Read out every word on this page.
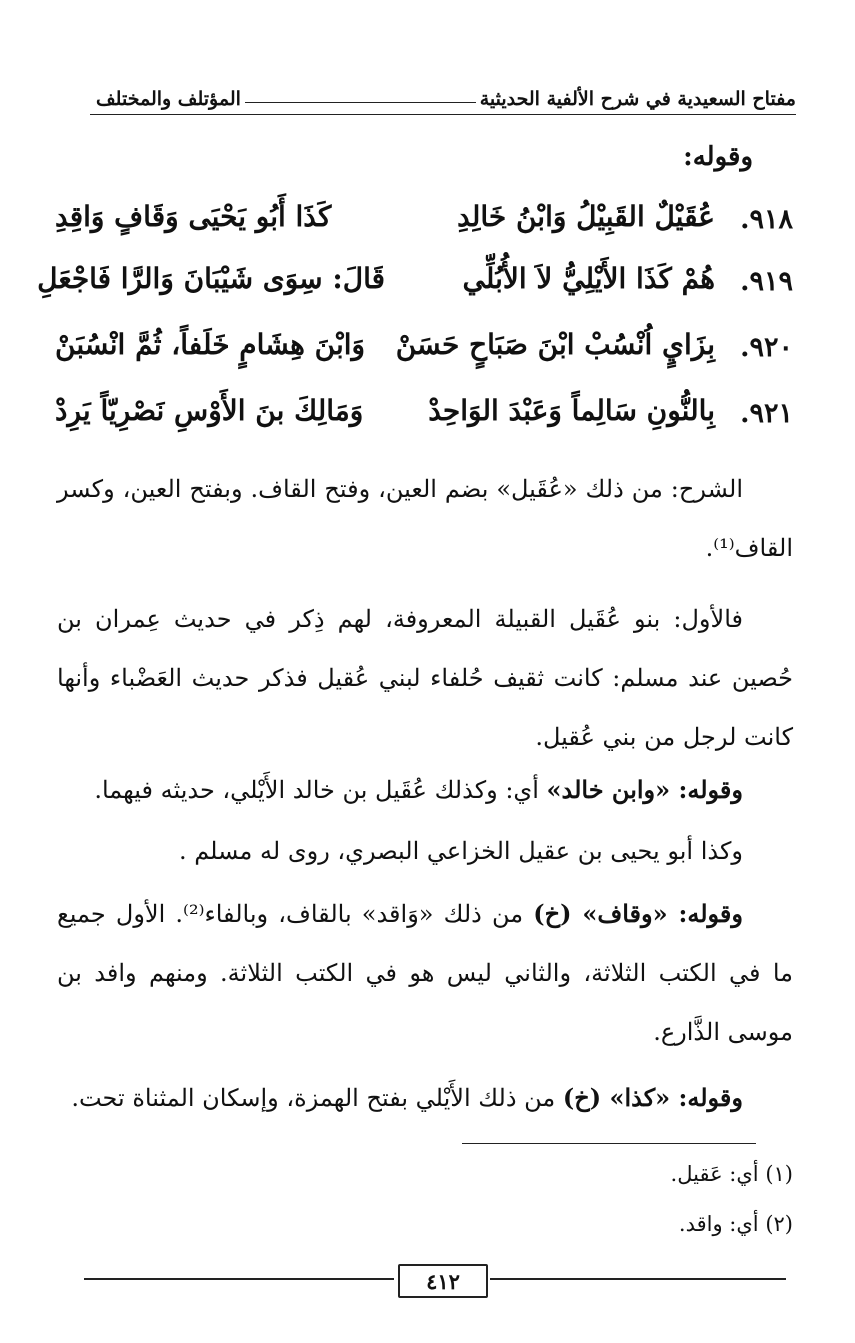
مفتاح السعيدية في شرح الألفية الحديثية
المؤتلف والمختلف
وقوله:
٩١٨.
عُقَيْلٌ القَبِيْلُ وَابْنُ خَالِدِ
كَذَا أَبُو يَحْيَى وَقَافٍ وَاقِدِ
٩١٩.
هُمْ كَذَا الأَيْلِيُّ لاَ الأُبُلِّي
قَالَ: سِوَى شَيْبَانَ وَالرَّا فَاجْعَلِ
٩٢٠.
بِزَايٍ اُنْسُبْ ابْنَ صَبَاحٍ حَسَنْ
وَابْنَ هِشَامٍ خَلَفاً، ثُمَّ انْسُبَنْ
٩٢١.
بِالنُّونِ سَالِماً وَعَبْدَ الوَاحِدْ
وَمَالِكَ بنَ الأَوْسِ نَصْرِيّاً يَرِدْ

الشرح: من ذلك «عُقَيل» بضم العين، وفتح القاف. وبفتح العين، وكسر القاف⁽¹⁾.

فالأول: بنو عُقَيل القبيلة المعروفة، لهم ذِكر في حديث عِمران بن حُصين عند مسلم: كانت ثقيف حُلفاء لبني عُقيل فذكر حديث العَضْباء وأنها كانت لرجل من بني عُقيل.

وقوله: «وابن خالد» أي: وكذلك عُقَيل بن خالد الأَيْلي، حديثه فيهما.

وكذا أبو يحيى بن عقيل الخزاعي البصري، روى له مسلم .

وقوله: «وقاف» (خ) من ذلك «وَاقد» بالقاف، وبالفاء⁽²⁾. الأول جميع ما في الكتب الثلاثة، والثاني ليس هو في الكتب الثلاثة. ومنهم وافد بن موسى الذَّارع.

وقوله: «كذا» (خ) من ذلك الأَيْلي بفتح الهمزة، وإسكان المثناة تحت.

(١) أي: عَقيل.
(٢) أي: واقد.
٤١٢
